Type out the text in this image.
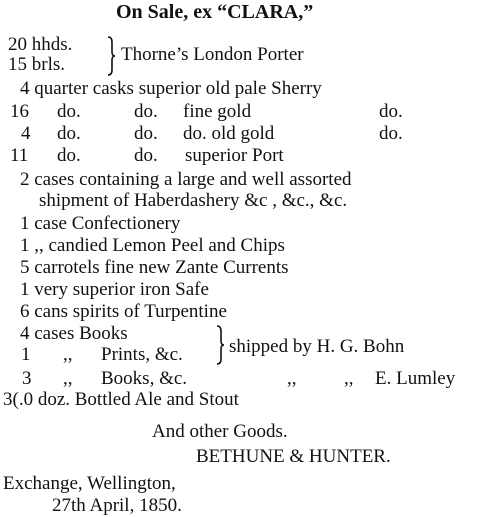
On Sale, ex “CLARA,”
20 hhds.
15 brls.	Thorne’s London Porter
4 quarter casks superior old pale Sherry
16 do.	do. fine gold	do.
4 do.	do. do. old gold	do.
11 do.	do. superior Port
2 cases containing a large and well assorted
shipment of Haberdashery &c , &c., &c.
1 case Confectionery
1 ,, candied Lemon Peel and Chips
5 carrotels fine new Zante Currents
1 very superior iron Safe
6 cans spirits of Turpentine
4 cases Books
1 ,, Prints, &c. shipped by H. G. Bohn
3 ,, Books, &c.	,,	,, E. Lumley
3(.0 doz. Bottled Ale and Stout
And other Goods.
BETHUNE & HUNTER.
Exchange, Wellington,
27th April, 1850.
